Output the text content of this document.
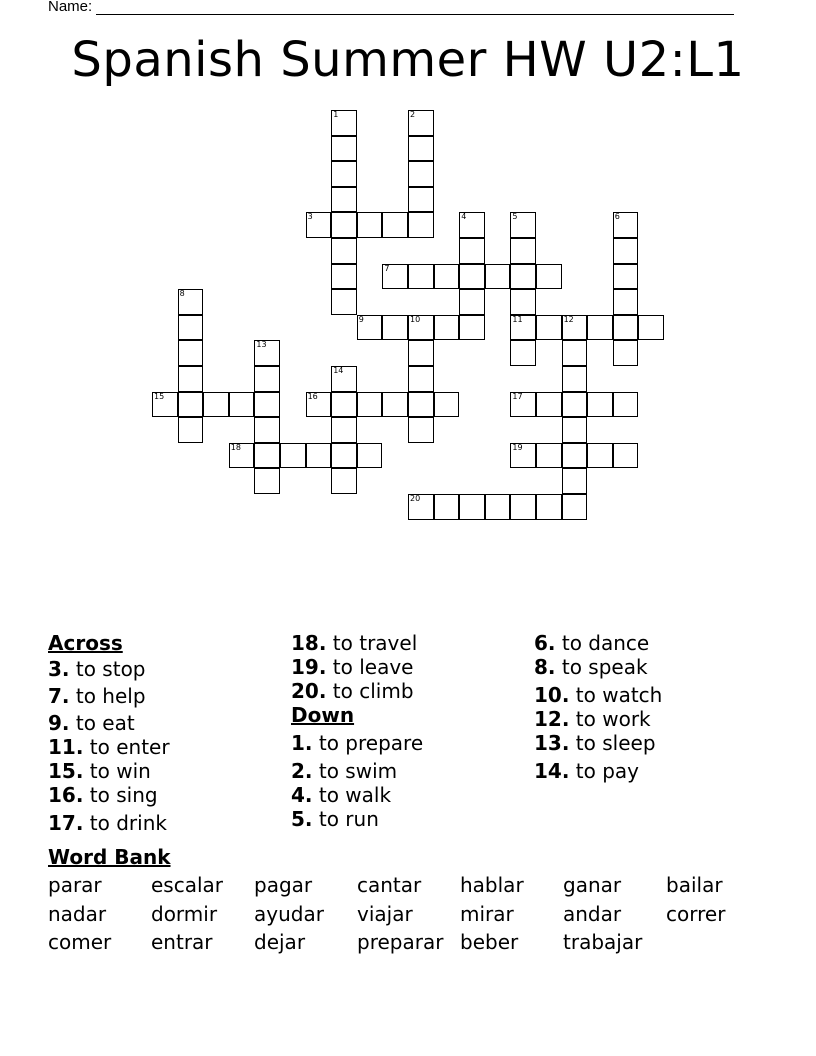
Name:
Spanish Summer HW U2:L1
1	2
3	4	5
11
6
7
8
9	10	12
13
14
15	16	17
18	19
20
Across
3. to stop
7. to help
9. to eat
11. to enter
15. to win
16. to sing
17. to drink
18. to travel
19. to leave
20. to climb
Down
1. to prepare
2. to swim
4. to walk
5. to run
6. to dance
8. to speak
10. to watch
12. to work
13. to sleep
14. to pay
Word Bank
parar escalar pagar cantar hablar ganar bailar
nadar dormir ayudar viajar mirar andar correr
comer entrar dejar	preparar beber trabajar
